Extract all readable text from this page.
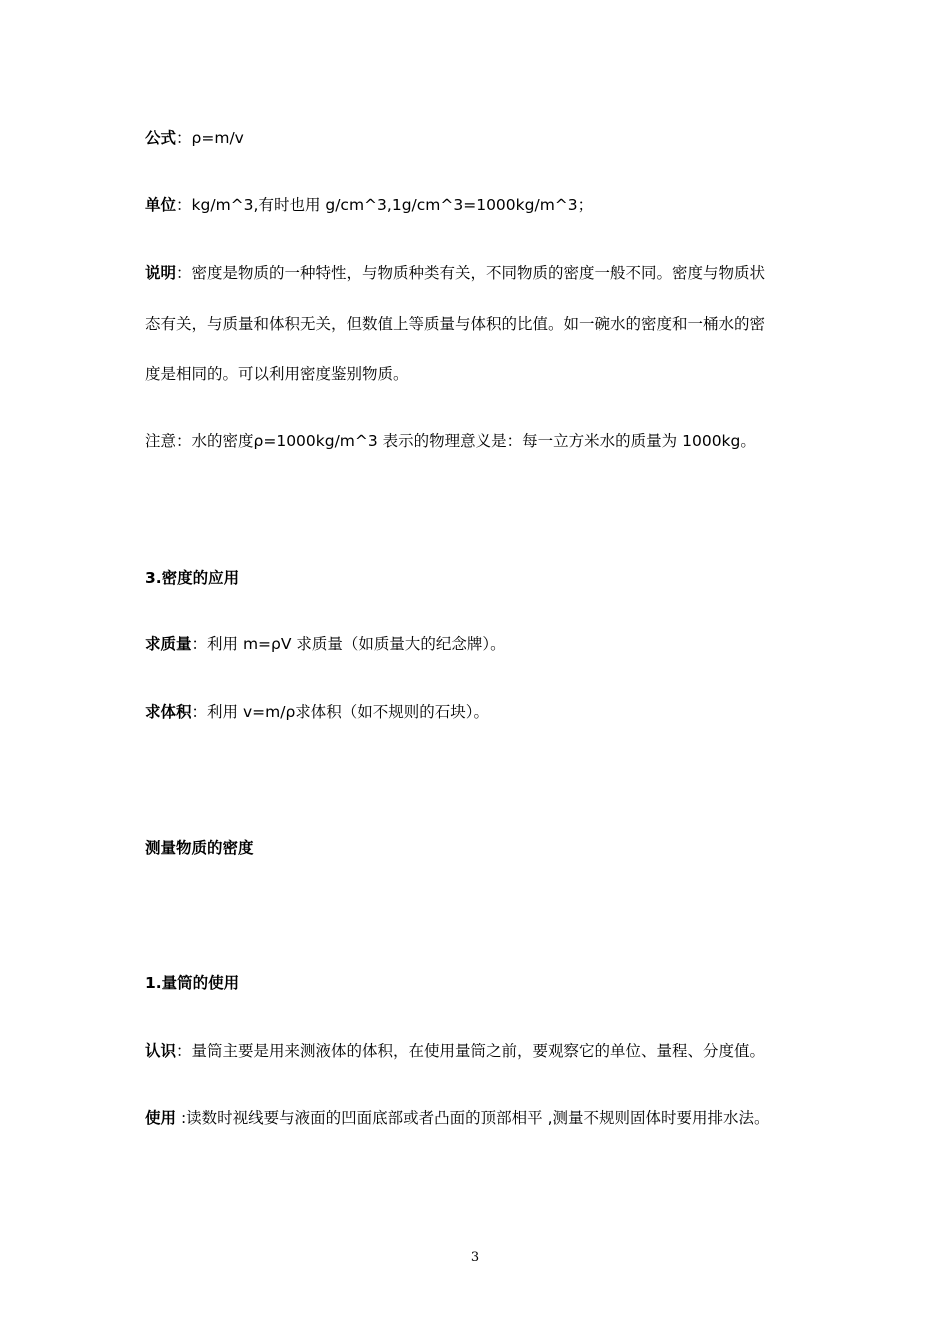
公式：ρ=m/v
单位：kg/m^3,有时也用 g/cm^3,1g/cm^3=1000kg/m^3；
说明：密度是物质的一种特性，与物质种类有关，不同物质的密度一般不同。密度与物质状
态有关，与质量和体积无关，但数值上等质量与体积的比值。如一碗水的密度和一桶水的密
度是相同的。可以利用密度鉴别物质。
注意：水的密度ρ=1000kg/m^3 表示的物理意义是：每一立方米水的质量为 1000kg。
3.密度的应用
求质量：利用 m=ρV 求质量（如质量大的纪念牌）。
求体积：利用 v=m/ρ求体积（如不规则的石块）。
测量物质的密度
1.量筒的使用
认识：量筒主要是用来测液体的体积，在使用量筒之前，要观察它的单位、量程、分度值。
使用 :读数时视线要与液面的凹面底部或者凸面的顶部相平 ,测量不规则固体时要用排水法。
3
